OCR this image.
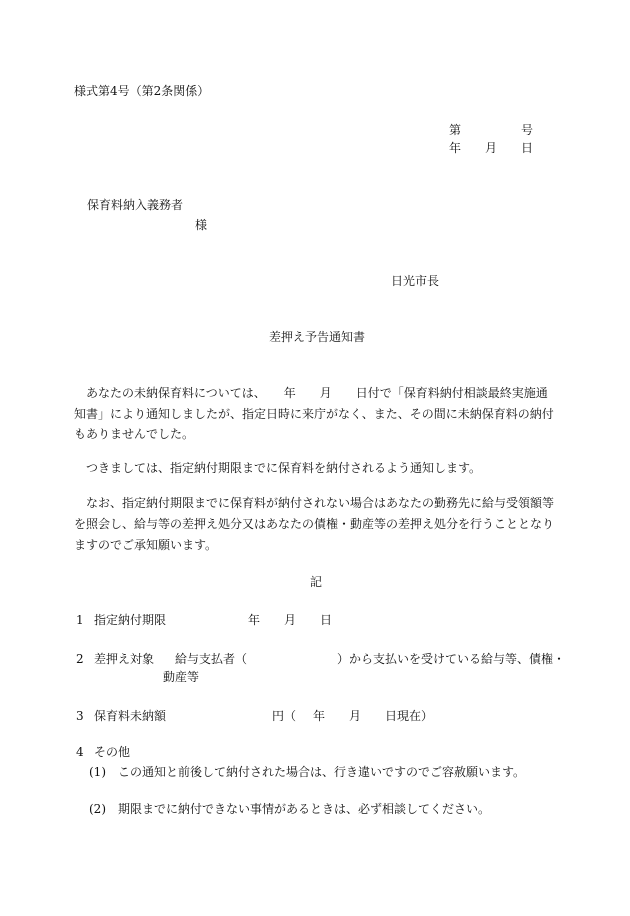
様式第4号（第2条関係）
第	号
年 月 日
保育料納入義務者
様
日光市長
差押え予告通知書
あなたの未納保育料については、　　年　　月　　日付で「保育料納付相談最終実施通
知書」により通知しましたが、指定日時に来庁がなく、また、その間に未納保育料の納付
もありませんでした。
つきましては、指定納付期限までに保育料を納付されるよう通知します。
なお、指定納付期限までに保育料が納付されない場合はあなたの勤務先に給与受領額等
を照会し、給与等の差押え処分又はあなたの債権・動産等の差押え処分を行うこととなり
ますのでご承知願います。
記
1 指定納付期限	年 月 日
2 差押え対象 給与支払者（	）から支払いを受けている給与等、債権・
動産等
3 保育料未納額	円（ 年 月 日現在）
4 その他
(1) この通知と前後して納付された場合は、行き違いですのでご容赦願います。
(2) 期限までに納付できない事情があるときは、必ず相談してください。
